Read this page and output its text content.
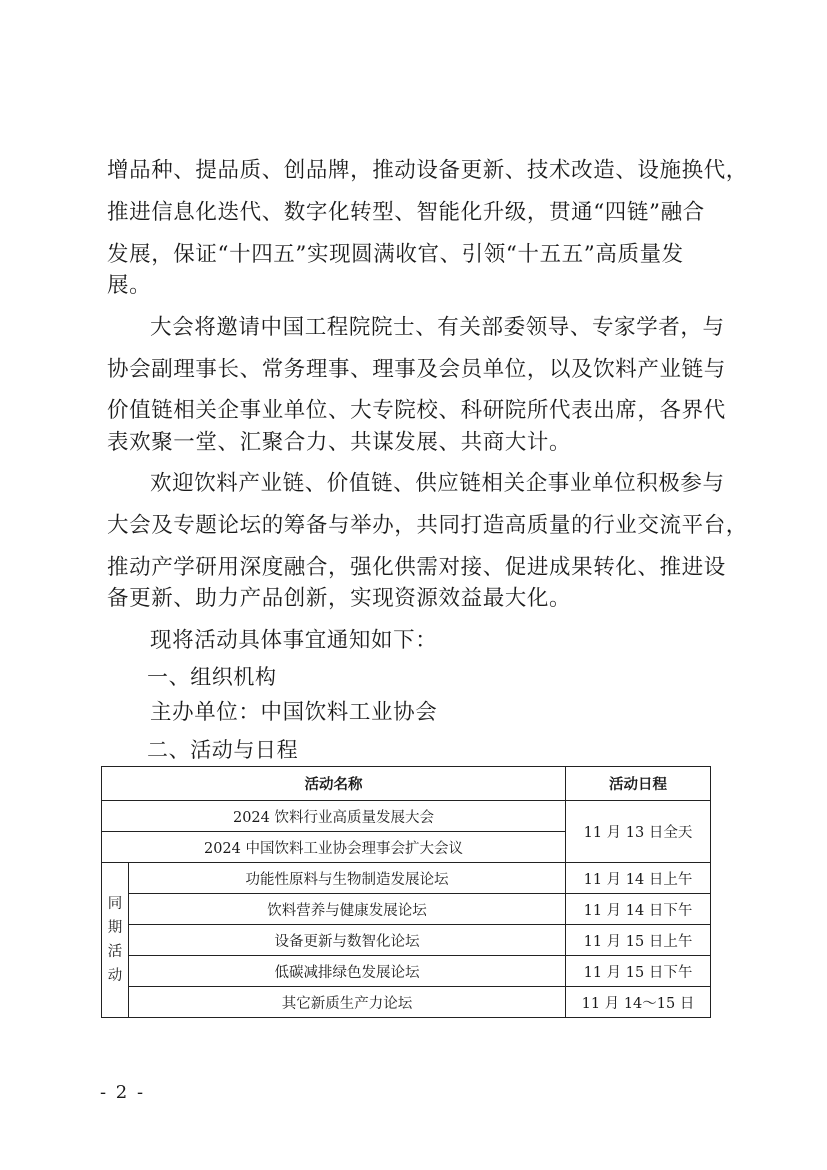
增品种、提品质、创品牌，推动设备更新、技术改造、设施换代，

推进信息化迭代、数字化转型、智能化升级，贯通“四链”融合

发展，保证“十四五”实现圆满收官、引领“十五五”高质量发

展。

大会将邀请中国工程院院士、有关部委领导、专家学者，与

协会副理事长、常务理事、理事及会员单位，以及饮料产业链与

价值链相关企事业单位、大专院校、科研院所代表出席，各界代

表欢聚一堂、汇聚合力、共谋发展、共商大计。

欢迎饮料产业链、价值链、供应链相关企事业单位积极参与

大会及专题论坛的筹备与举办，共同打造高质量的行业交流平台，

推动产学研用深度融合，强化供需对接、促进成果转化、推进设

备更新、助力产品创新，实现资源效益最大化。

现将活动具体事宜通知如下：

一、组织机构

主办单位：中国饮料工业协会

二、活动与日程

活动名称		活动日程
2024 饮料行业高质量发展大会		11 月 13 日全天
2024 中国饮料工业协会理事会扩大会议		

同
期
活
动	功能性原料与生物制造发展论坛	11 月 14 日上午
	饮料营养与健康发展论坛	11 月 14 日下午
	设备更新与数智化论坛	11 月 15 日上午
	低碳减排绿色发展论坛	11 月 15 日下午
	其它新质生产力论坛	11 月 14～15 日
- 2 -
